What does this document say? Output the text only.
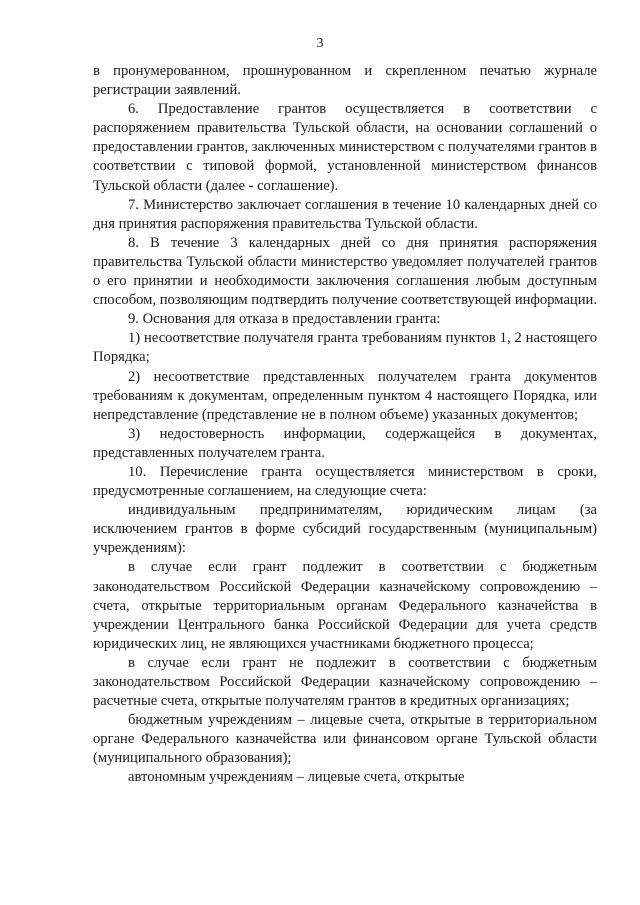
3

в пронумерованном, прошнурованном и скрепленном печатью журнале регистрации заявлений.

6. Предоставление грантов осуществляется в соответствии с распоряжением правительства Тульской области, на основании соглашений о предоставлении грантов, заключенных министерством с получателями грантов в соответствии с типовой формой, установленной министерством финансов Тульской области (далее - соглашение).

7. Министерство заключает соглашения в течение 10 календарных дней со дня принятия распоряжения правительства Тульской области.

8. В течение 3 календарных дней со дня принятия распоряжения правительства Тульской области министерство уведомляет получателей грантов о его принятии и необходимости заключения соглашения любым доступным способом, позволяющим подтвердить получение соответствующей информации.

9. Основания для отказа в предоставлении гранта:

1) несоответствие получателя гранта требованиям пунктов 1, 2 настоящего Порядка;

2) несоответствие представленных получателем гранта документов требованиям к документам, определенным пунктом 4 настоящего Порядка, или непредставление (представление не в полном объеме) указанных документов;

3) недостоверность информации, содержащейся в документах, представленных получателем гранта.

10. Перечисление гранта осуществляется министерством в сроки, предусмотренные соглашением, на следующие счета:

индивидуальным предпринимателям, юридическим лицам (за исключением грантов в форме субсидий государственным (муниципальным) учреждениям):

в случае если грант подлежит в соответствии с бюджетным законодательством Российской Федерации казначейскому сопровождению – счета, открытые территориальным органам Федерального казначейства в учреждении Центрального банка Российской Федерации для учета средств юридических лиц, не являющихся участниками бюджетного процесса;

в случае если грант не подлежит в соответствии с бюджетным законодательством Российской Федерации казначейскому сопровождению – расчетные счета, открытые получателям грантов в кредитных организациях;

бюджетным учреждениям – лицевые счета, открытые в территориальном органе Федерального казначейства или финансовом органе Тульской области (муниципального образования);

автономным учреждениям – лицевые счета, открытые
